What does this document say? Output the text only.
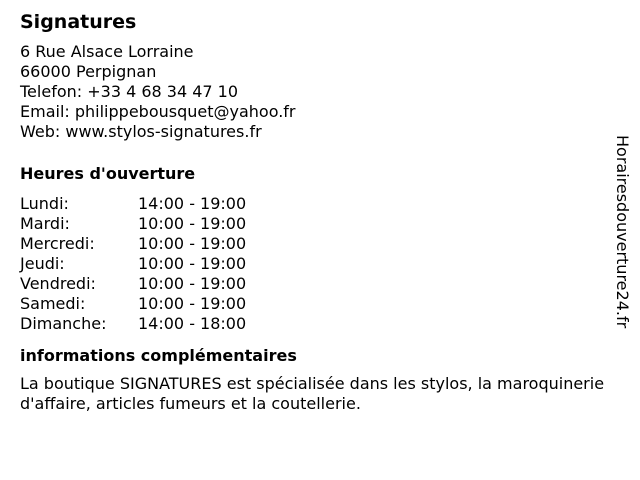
Signatures
6 Rue Alsace Lorraine
66000 Perpignan
Telefon: +33 4 68 34 47 10
Email: philippebousquet@yahoo.fr
Web: www.stylos-signatures.fr
Heures d'ouverture
Lundi:	14:00 - 19:00
Mardi:	10:00 - 19:00
Mercredi:	10:00 - 19:00
Jeudi:	10:00 - 19:00
Vendredi:	10:00 - 19:00
Samedi:	10:00 - 19:00
Dimanche:	14:00 - 18:00
informations complémentaires
La boutique SIGNATURES est spécialisée dans les stylos, la maroquinerie d'affaire, articles fumeurs et la coutellerie.
Horairesdouverture24.fr
